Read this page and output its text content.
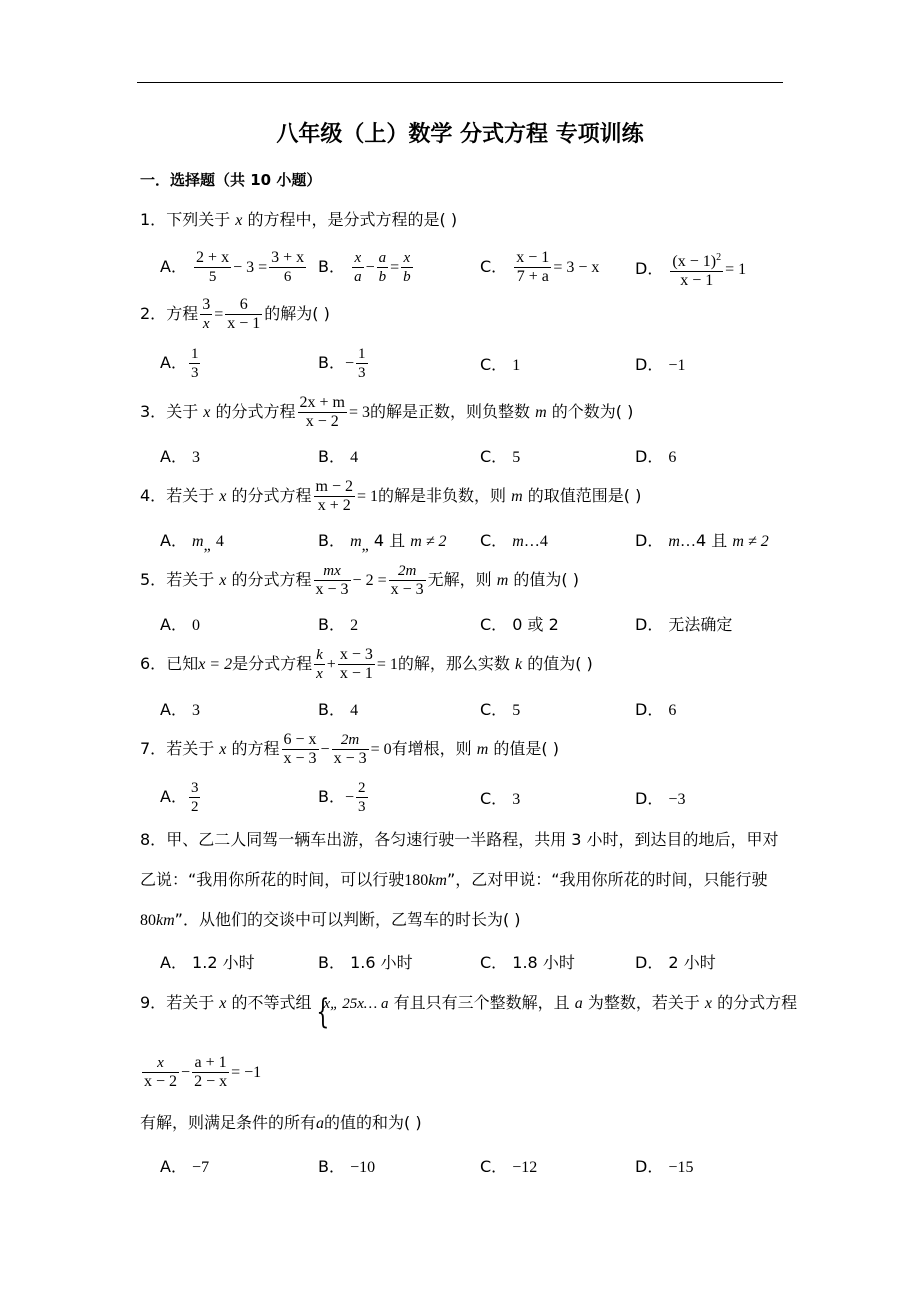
八年级（上）数学 分式方程 专项训练
一．选择题（共 10 小题）
1．下列关于 x 的方程中，是分式方程的是( )
A． $\frac{2 + x}{5} - 3 = \frac{3 + x}{6}$ B． $\frac{x}{a} - \frac{a}{b} = \frac{x}{b}$	C． $\frac{x - 1}{7 + a} = 3 - x$ D． $\frac{(x - 1)^2}{x - 1} = 1$
2．方程 $\frac{3}{x} = \frac{6}{x - 1}$ 的解为( )
A． $\frac{1}{3}$	B．− $\frac{1}{3}$	C． 1	D． −1
3．关于 x 的分式方程 $\frac{2x + m}{x - 2} = 3$的解是正数，则负整数 m 的个数为( )
A． 3	B． 4	C． 5	D． 6
4．若关于 x 的分式方程 $\frac{m - 2}{x + 2} = 1$的解是非负数，则 m 的取值范围是( )
A． $m_„$ 4	B． $m_„$ 4 且 m ≠ 2 C． m…4	D． m…4 且 m ≠ 2
5．若关于 x 的分式方程 $\frac{mx}{x - 3} - 2 = \frac{2m}{x - 3}$ 无解，则 m 的值为( )
A． 0	B． 2	C． 0 或 2	D． 无法确定
6．已知x = 2是分式方程 $\frac{k}{x} + \frac{x - 3}{x - 1} = 1$的解，那么实数 k 的值为( )
A． 3	B． 4	C． 5	D． 6
7．若关于 x 的方程 $\frac{6 - x}{x - 3} - \frac{2m}{x - 3} = 0$有增根，则 m 的值是( )
A． $\frac{3}{2}$	B．− $\frac{2}{3}$	C． 3	D． −3
8．甲、乙二人同驾一辆车出游，各匀速行驶一半路程，共用 3 小时，到达目的地后，甲对
乙说：“我用你所花的时间，可以行驶180km”，乙对甲说：“我用你所花的时间，只能行驶
80km”．从他们的交谈中可以判断，乙驾车的时长为( )
A． 1.2 小时	B． 1.6 小时	C． 1.8 小时	D． 2 小时
9．若关于 x 的不等式组 {
x„ 25x… a 有且只有三个整数解，且 a 为整数，若关于 x 的分式方程
$\frac{x}{x - 2} - \frac{a + 1}{2 - x} = -1$
有解，则满足条件的所有a的值的和为( )
A． −7	B． −10	C． −12	D． −15
